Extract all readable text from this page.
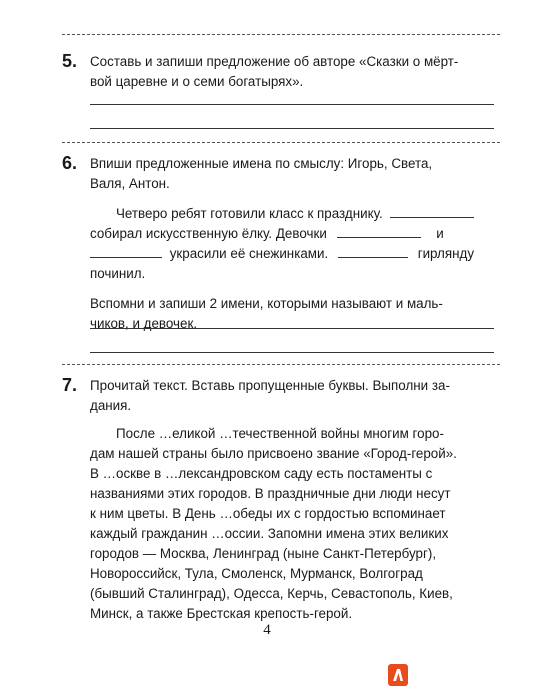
5. Составь и запиши предложение об авторе «Сказки о мёрт-
вой царевне и о семи богатырях».
6. Впиши предложенные имена по смыслу: Игорь, Света,
Валя, Антон.
Четверо ребят готовили класс к празднику.
собирал искусственную ёлку. Девочки	и
украсили её снежинками.	гирлянду
починил.
Вспомни и запиши 2 имени, которыми называют и маль-
чиков, и девочек.
7. Прочитай текст. Вставь пропущенные буквы. Выполни за-
дания.
После …еликой …течественной войны многим горо-
дам нашей страны было присвоено звание «Город-герой».
В …оскве в …лександровском саду есть постаменты с
названиями этих городов. В праздничные дни люди несут
к ним цветы. В День …обеды их с гордостью вспоминает
каждый гражданин …оссии. Запомни имена этих великих
городов — Москва, Ленинград (ныне Санкт-Петербург),
Новороссийск, Тула, Смоленск, Мурманск, Волгоград
(бывший Сталинград), Одесса, Керчь, Севастополь, Киев,
Минск, а также Брестская крепость-герой.
4
